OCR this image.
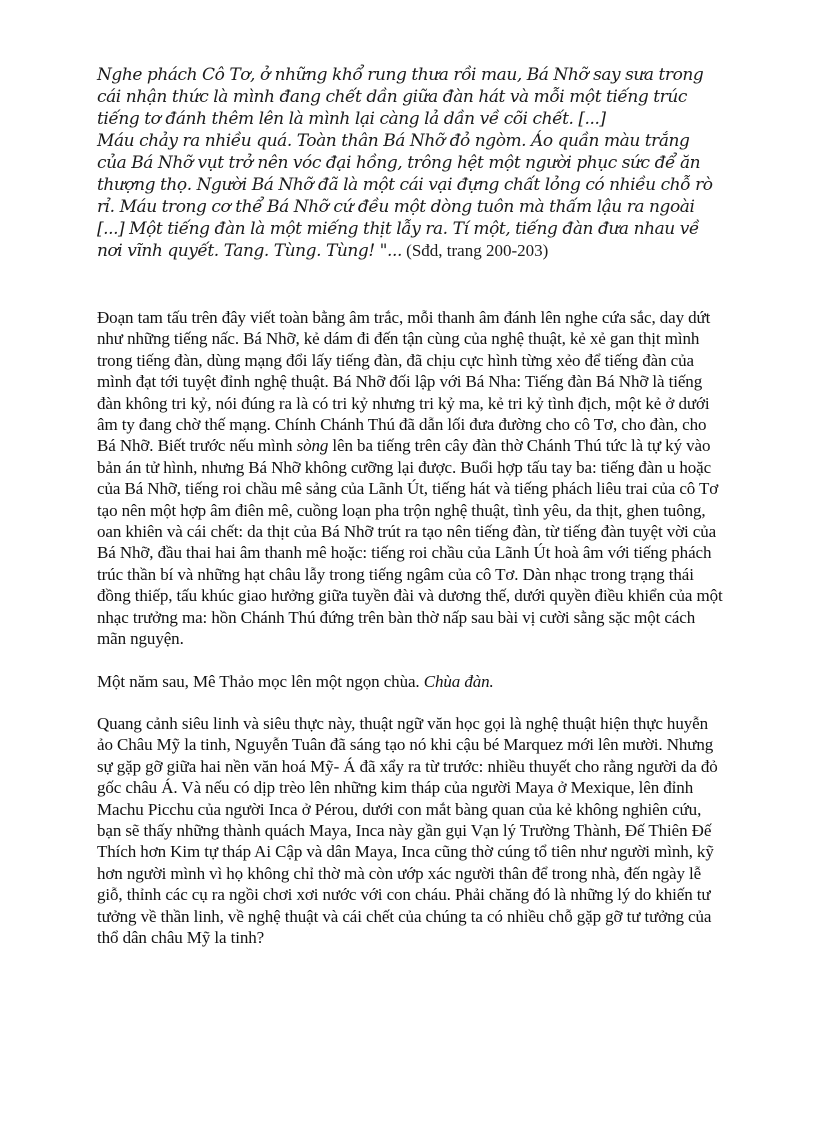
Nghe phách Cô Tơ, ở những khổ rung thưa rồi mau, Bá Nhỡ say sưa trong cái nhận thức là mình đang chết dần giữa đàn hát và mỗi một tiếng trúc tiếng tơ đánh thêm lên là mình lại càng lả dần về cõi chết. [...]

Máu chảy ra nhiều quá. Toàn thân Bá Nhỡ đỏ ngòm. Áo quần màu trắng của Bá Nhỡ vụt trở nên vóc đại hồng, trông hệt một người phục sức để ăn thượng thọ. Người Bá Nhỡ đã là một cái vại đựng chất lỏng có nhiều chỗ rò rỉ. Máu trong cơ thể Bá Nhỡ cứ đều một dòng tuôn mà thấm lậu ra ngoài [...] Một tiếng đàn là một miếng thịt lẫy ra. Tí một, tiếng đàn đưa nhau về nơi vĩnh quyết. Tang. Tùng. Tùng! "... (Sđd, trang 200-203)

Đoạn tam tấu trên đây viết toàn bằng âm trắc, mỗi thanh âm đánh lên nghe cứa sắc, day dứt như những tiếng nấc. Bá Nhỡ, kẻ dám đi đến tận cùng của nghệ thuật, kẻ xẻ gan thịt mình trong tiếng đàn, dùng mạng đổi lấy tiếng đàn, đã chịu cực hình từng xẻo để tiếng đàn của mình đạt tới tuyệt đỉnh nghệ thuật. Bá Nhỡ đối lập với Bá Nha: Tiếng đàn Bá Nhỡ là tiếng đàn không tri kỷ, nói đúng ra là có tri kỷ nhưng tri kỷ ma, kẻ tri kỷ tình địch, một kẻ ở dưới âm ty đang chờ thế mạng. Chính Chánh Thú đã dẫn lối đưa đường cho cô Tơ, cho đàn, cho Bá Nhỡ. Biết trước nếu mình sòng lên ba tiếng trên cây đàn thờ Chánh Thú tức là tự ký vào bản án tử hình, nhưng Bá Nhỡ không cưỡng lại được. Buổi hợp tấu tay ba: tiếng đàn u hoặc của Bá Nhỡ, tiếng roi chầu mê sảng của Lãnh Út, tiếng hát và tiếng phách liêu trai của cô Tơ tạo nên một hợp âm điên mê, cuồng loạn pha trộn nghệ thuật, tình yêu, da thịt, ghen tuông, oan khiên và cái chết: da thịt của Bá Nhỡ trút ra tạo nên tiếng đàn, từ tiếng đàn tuyệt vời của Bá Nhỡ, đầu thai hai âm thanh mê hoặc: tiếng roi chầu của Lãnh Út hoà âm với tiếng phách trúc thần bí và những hạt châu lẫy trong tiếng ngâm của cô Tơ. Dàn nhạc trong trạng thái đồng thiếp, tấu khúc giao hưởng giữa tuyền đài và dương thế, dưới quyền điều khiển của một nhạc trưởng ma: hồn Chánh Thú đứng trên bàn thờ nấp sau bài vị cười sằng sặc một cách mãn nguyện.

Một năm sau, Mê Thảo mọc lên một ngọn chùa. Chùa đàn.

Quang cảnh siêu linh và siêu thực này, thuật ngữ văn học gọi là nghệ thuật hiện thực huyễn ảo Châu Mỹ la tinh, Nguyễn Tuân đã sáng tạo nó khi cậu bé Marquez mới lên mười. Nhưng sự gặp gỡ giữa hai nền văn hoá Mỹ- Á đã xẩy ra từ trước: nhiều thuyết cho rằng người da đỏ gốc châu Á. Và nếu có dịp trèo lên những kim tháp của người Maya ở Mexique, lên đỉnh Machu Picchu của người Inca ở Pérou, dưới con mắt bàng quan của kẻ không nghiên cứu, bạn sẽ thấy những thành quách Maya, Inca này gần gụi Vạn lý Trường Thành, Đế Thiên Đế Thích hơn Kim tự tháp Ai Cập và dân Maya, Inca cũng thờ cúng tổ tiên như người mình, kỹ hơn người mình vì họ không chỉ thờ mà còn ướp xác người thân để trong nhà, đến ngày lễ giỗ, thỉnh các cụ ra ngồi chơi xơi nước với con cháu. Phải chăng đó là những lý do khiến tư tưởng về thần linh, về nghệ thuật và cái chết của chúng ta có nhiều chỗ gặp gỡ tư tưởng của thổ dân châu Mỹ la tinh?
